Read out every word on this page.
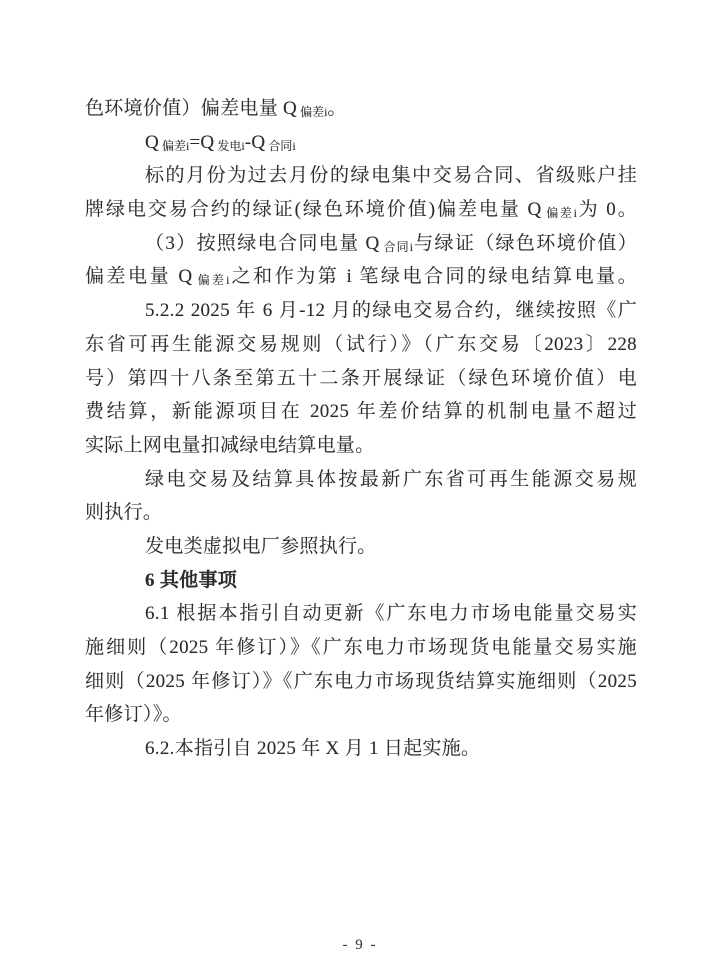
色环境价值）偏差电量 Q 偏差i。
Q 偏差i=Q 发电i-Q 合同i
标的月份为过去月份的绿电集中交易合同、省级账户挂
牌绿电交易合约的绿证(绿色环境价值)偏差电量 Q 偏差i为 0。
（3）按照绿电合同电量 Q 合同i与绿证（绿色环境价值）
偏差电量 Q 偏差i之和作为第 i 笔绿电合同的绿电结算电量。
5.2.2 2025 年 6 月-12 月的绿电交易合约，继续按照《广
东省可再生能源交易规则（试行）》（广东交易〔2023〕228
号）第四十八条至第五十二条开展绿证（绿色环境价值）电
费结算，新能源项目在 2025 年差价结算的机制电量不超过
实际上网电量扣减绿电结算电量。
绿电交易及结算具体按最新广东省可再生能源交易规
则执行。
发电类虚拟电厂参照执行。
6 其他事项
6.1 根据本指引自动更新《广东电力市场电能量交易实
施细则（2025 年修订）》《广东电力市场现货电能量交易实施
细则（2025 年修订）》《广东电力市场现货结算实施细则（2025
年修订）》。
6.2.本指引自 2025 年 X 月 1 日起实施。
- 9 -
